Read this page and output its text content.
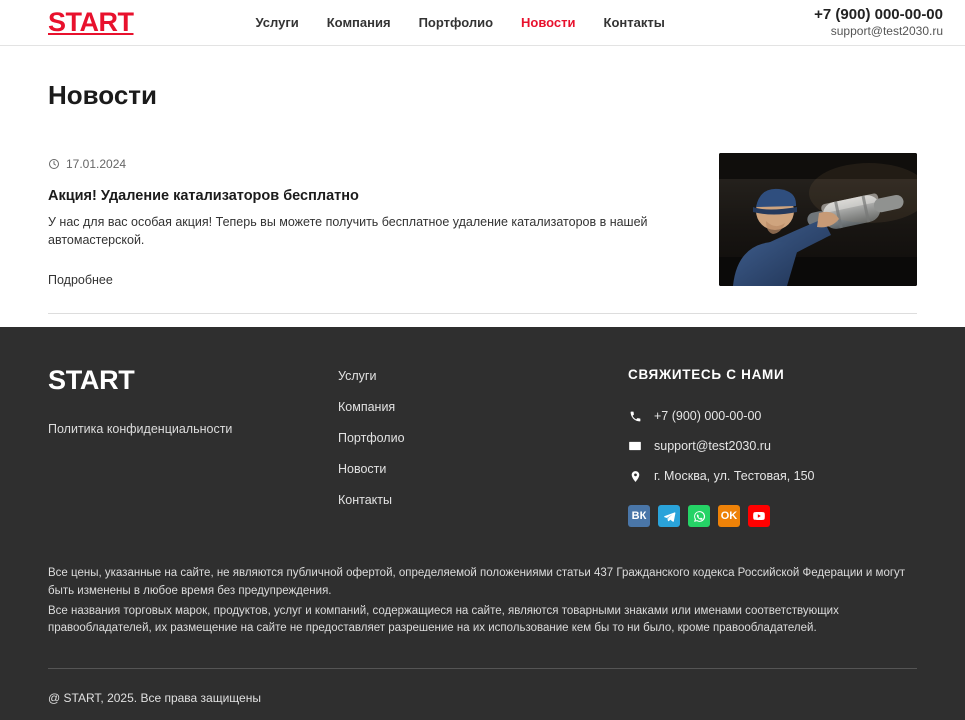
START	Услуги Компания Портфолио Новости Контакты	+7 (900) 000-00-00
support@test2030.ru
Новости
17.01.2024
Акция! Удаление катализаторов бесплатно

У нас для вас особая акция! Теперь вы можете получить бесплатное удаление катализаторов в нашей автомастерской.

Подробнее
START
Политика конфиденциальности
Услуги
Компания
Портфолио
Новости
Контакты
СВЯЖИТЕСЬ С НАМИ
+7 (900) 000-00-00
support@test2030.ru
г. Москва, ул. Тестовая, 150
ВК	OK

Все цены, указанные на сайте, не являются публичной офертой, определяемой положениями статьи 437 Гражданского кодекса Российской Федерации и могут быть изменены в любое время без предупреждения.

Все названия торговых марок, продуктов, услуг и компаний, содержащиеся на сайте, являются товарными знаками или именами соответствующих правообладателей, их размещение на сайте не предоставляет разрешение на их использование кем бы то ни было, кроме правообладателей.

@ START, 2025. Все права защищены
